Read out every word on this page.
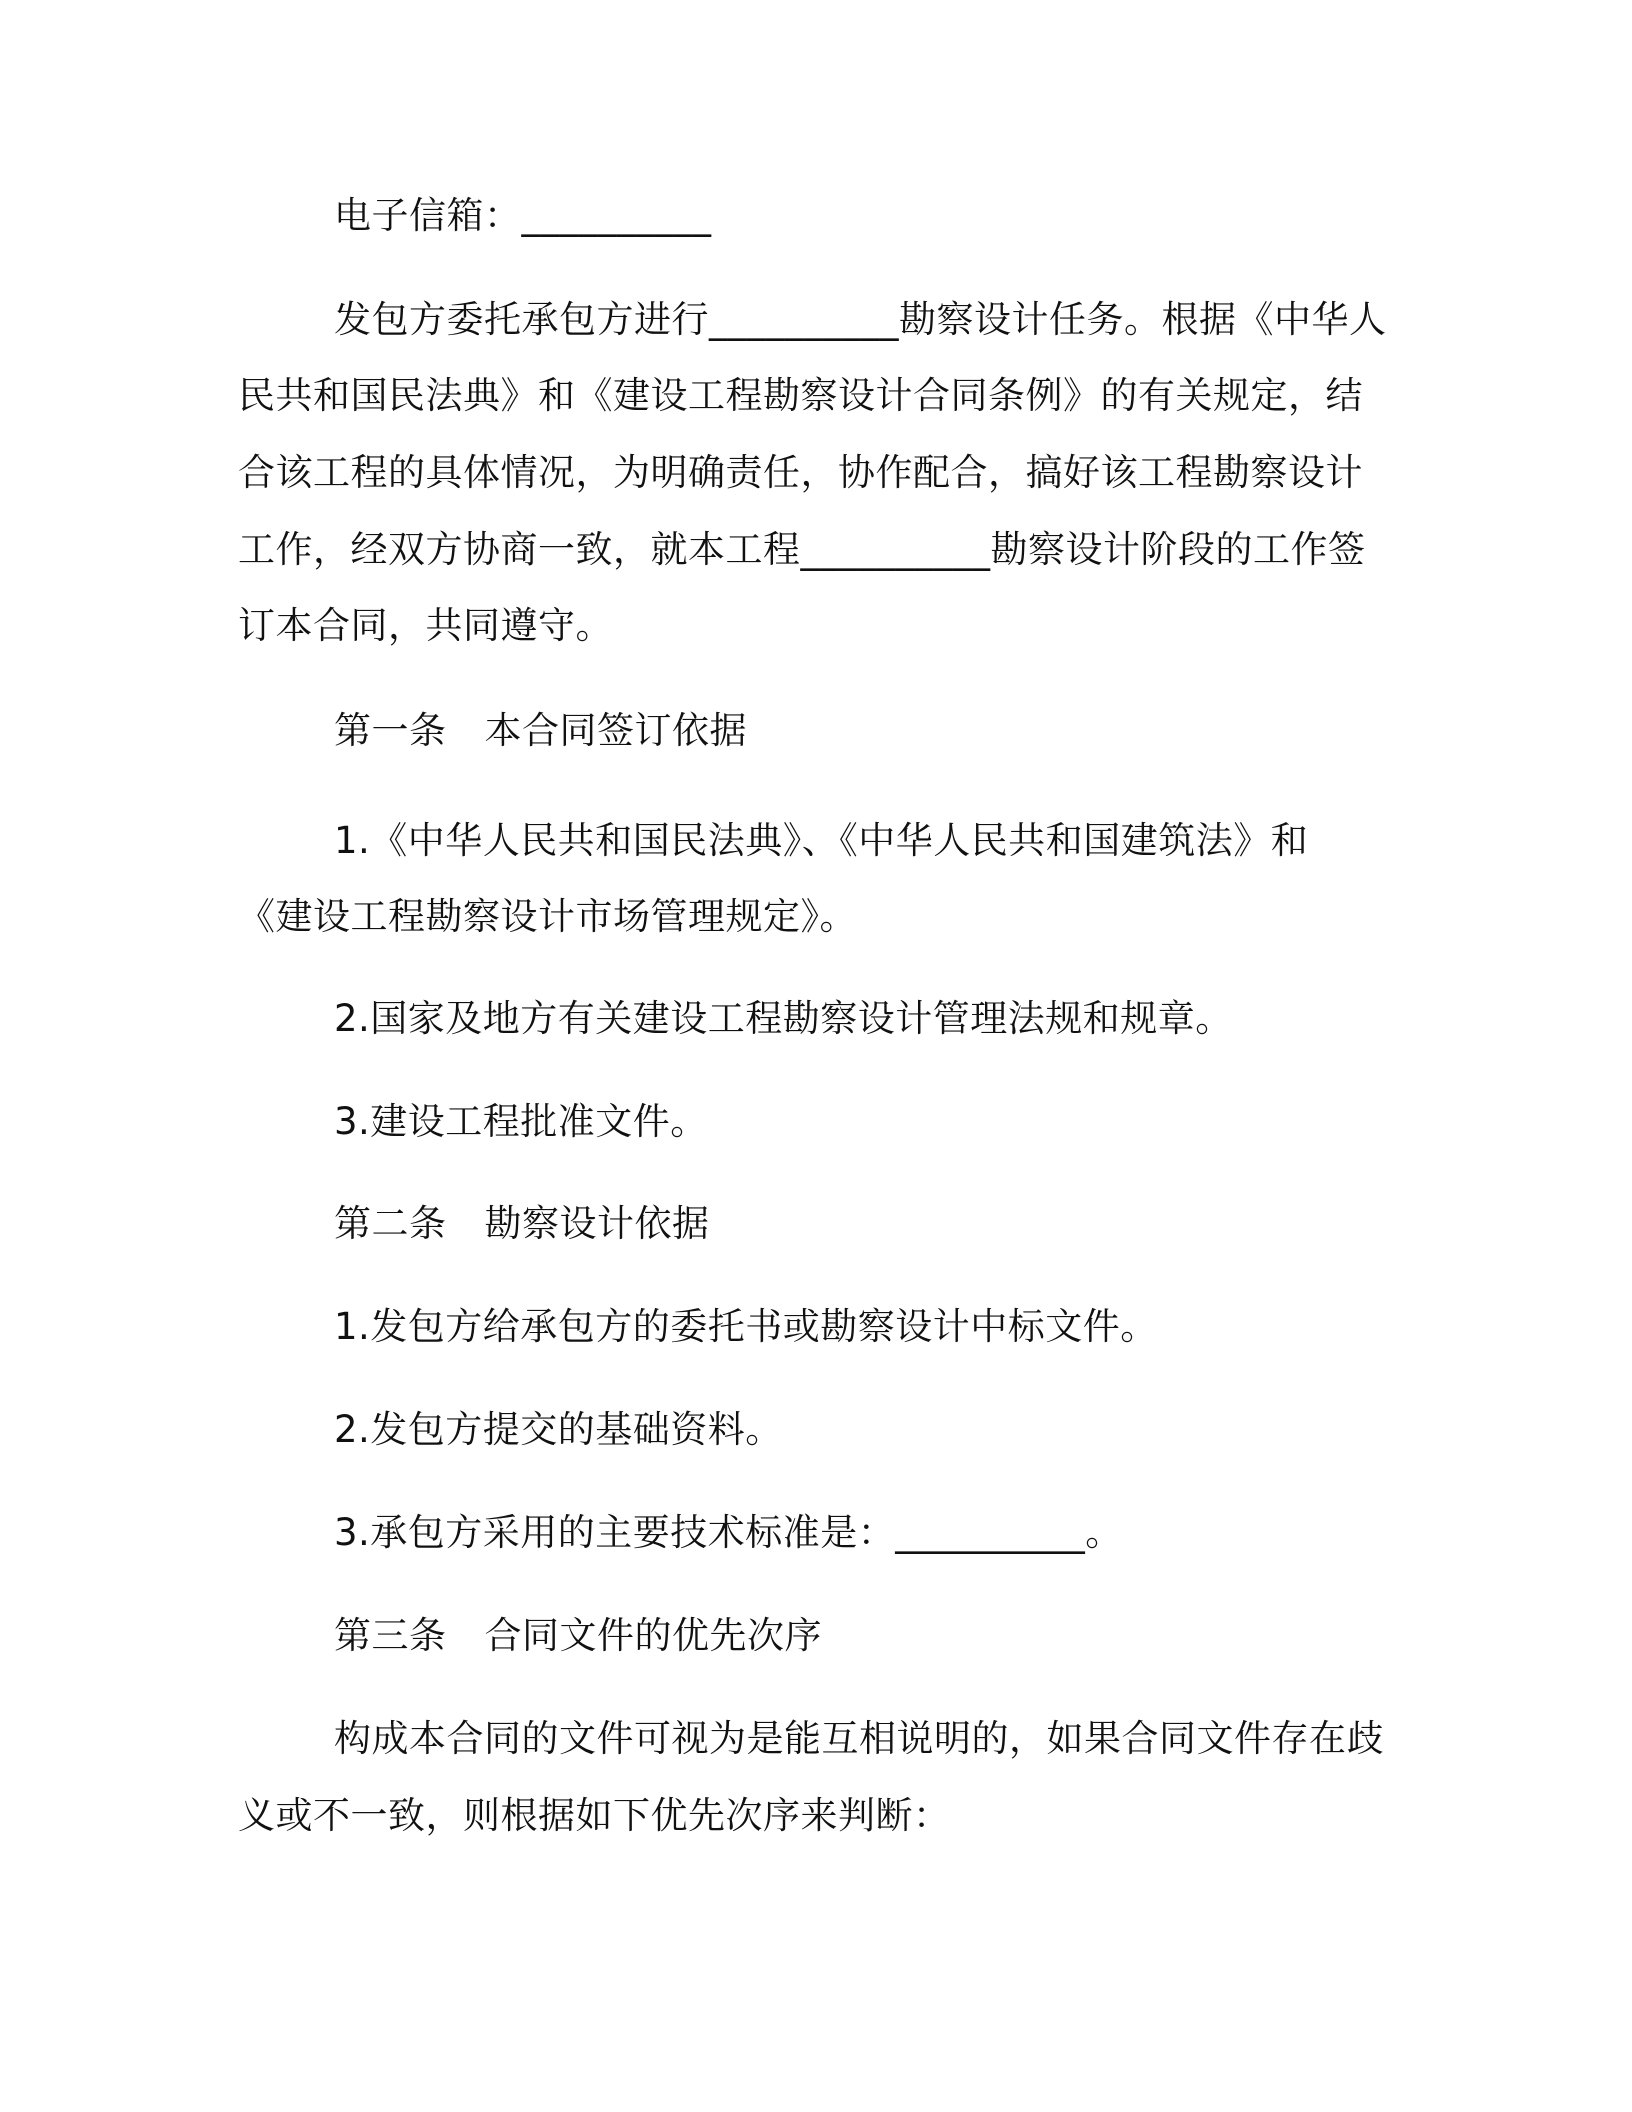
电子信箱：__________
发包方委托承包方进行__________勘察设计任务。根据《中华人
民共和国民法典》和《建设工程勘察设计合同条例》的有关规定，结
合该工程的具体情况，为明确责任，协作配合，搞好该工程勘察设计
工作，经双方协商一致，就本工程__________勘察设计阶段的工作签
订本合同，共同遵守。
第一条 本合同签订依据
1.《中华人民共和国民法典》、《中华人民共和国建筑法》和
《建设工程勘察设计市场管理规定》。
2.国家及地方有关建设工程勘察设计管理法规和规章。
3.建设工程批准文件。
第二条 勘察设计依据
1.发包方给承包方的委托书或勘察设计中标文件。
2.发包方提交的基础资料。
3.承包方采用的主要技术标准是：__________。
第三条 合同文件的优先次序
构成本合同的文件可视为是能互相说明的，如果合同文件存在歧
义或不一致，则根据如下优先次序来判断：
